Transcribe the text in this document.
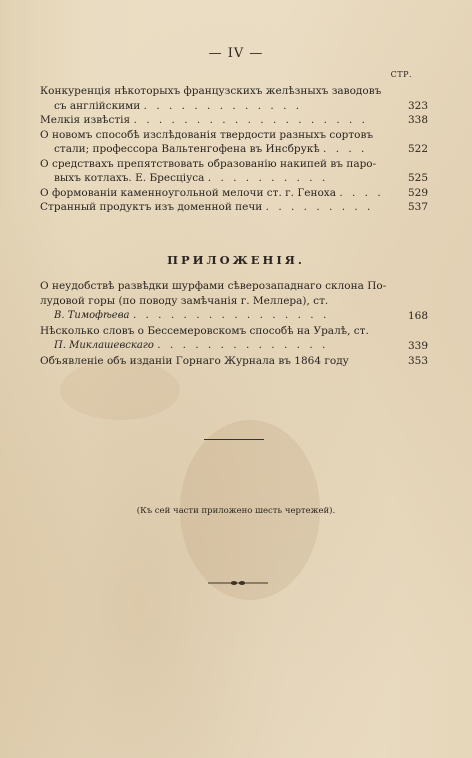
— IV —
СТР.
Конкуренція нѣкоторыхъ французскихъ желѣзныхъ заводовъ
съ англійскими . . . . . . . . . . . . .	323
Мелкія извѣстія . . . . . . . . . . . . . . . . . . .	338
О новомъ способѣ изслѣдованія твердости разныхъ сортовъ
стали; профессора Вальтенгофена въ Инсбрукѣ . . . .	522
О средствахъ препятствовать образованію накипей въ паро-
выхъ котлахъ. Е. Бресціуса . . . . . . . . . .	525
О формованіи каменноугольной мелочи ст. г. Геноха . . . .	529
Странный продуктъ изъ доменной печи . . . . . . . . .	537
ПРИЛОЖЕНІЯ.
О неудобствѣ развѣдки шурфами сѣверозападнаго склона По-
лудовой горы (по поводу замѣчанія г. Меллера), ст.
В. Тимофѣева . . . . . . . . . . . . . . . .	168
Нѣсколько словъ о Бессемеровскомъ способѣ на Уралѣ, ст.
П. Миклашевскаго . . . . . . . . . . . . . .	339
Объявленіе объ изданіи Горнаго Журнала въ 1864 году	353
(Къ сей части приложено шесть чертежей).
